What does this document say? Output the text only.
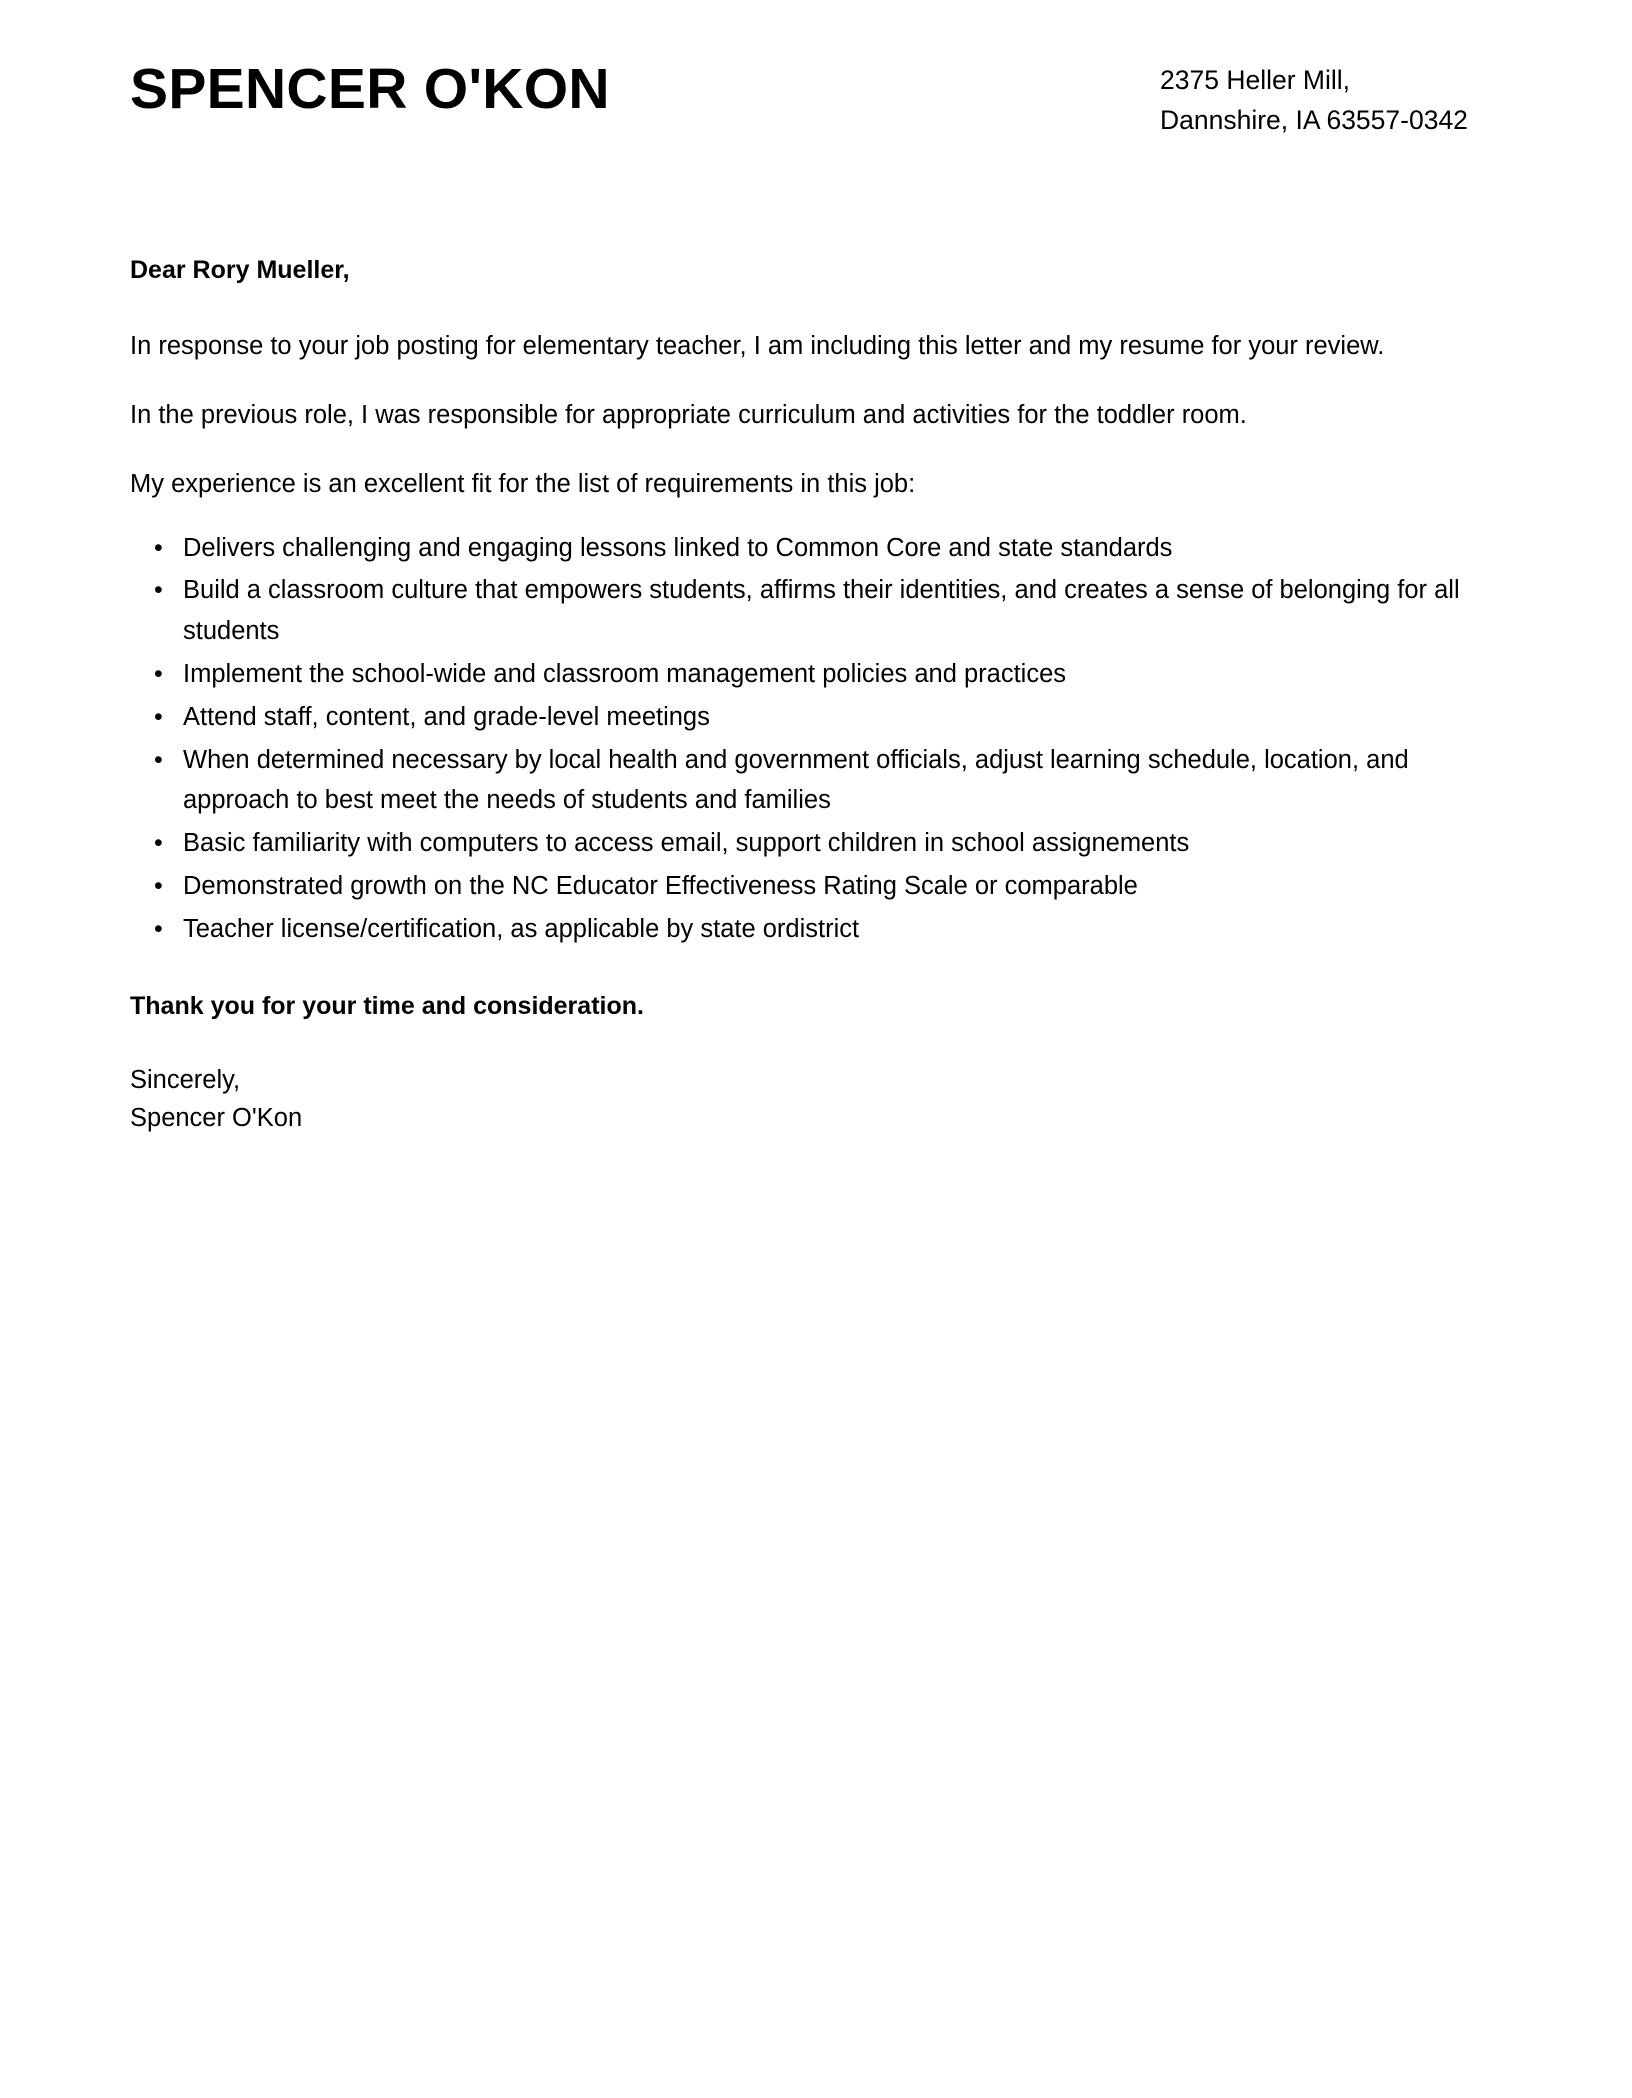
SPENCER O'KON	2375 Heller Mill,
Dannshire, IA 63557-0342

Dear Rory Mueller,

In response to your job posting for elementary teacher, I am including this letter and my resume for your review.

In the previous role, I was responsible for appropriate curriculum and activities for the toddler room.

My experience is an excellent fit for the list of requirements in this job:

• Delivers challenging and engaging lessons linked to Common Core and state standards
• Build a classroom culture that empowers students, affirms their identities, and creates a sense of belonging for all students
• Implement the school-wide and classroom management policies and practices
• Attend staff, content, and grade-level meetings
• When determined necessary by local health and government officials, adjust learning schedule, location, and approach to best meet the needs of students and families
• Basic familiarity with computers to access email, support children in school assignements
• Demonstrated growth on the NC Educator Effectiveness Rating Scale or comparable
• Teacher license/certification, as applicable by state ordistrict

Thank you for your time and consideration.

Sincerely,
Spencer O'Kon
